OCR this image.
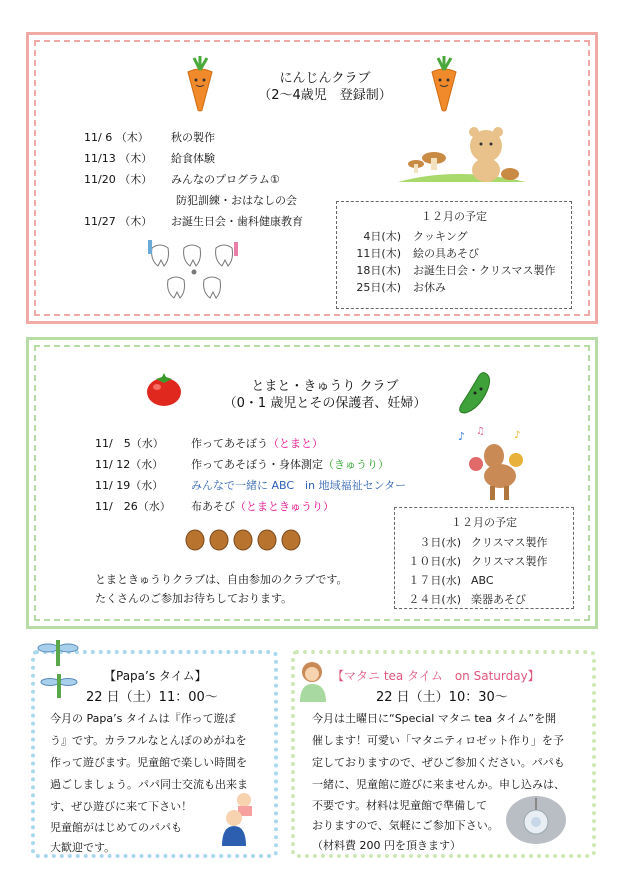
にんじんクラブ
（2～4歳児　登録制）
11/ 6 （木） 秋の製作
11/13 （木） 給食体験
11/20 （木） みんなのプログラム①
防犯訓練・おはなしの会
11/27 （木） お誕生日会・歯科健康教育	１２月の予定
4日(木) クッキング
11日(木) 絵の具あそび
18日(木) お誕生日会・クリスマス製作
25日(木) お休み
とまと・きゅうり クラブ
（0・1 歳児とその保護者、妊婦）
11/　5（水） 作ってあそぼう（とまと）
11/ 12（水）	作ってあそぼう・身体測定（きゅうり）
11/ 19（水）	みんなで一緒に ABC　in 地域福祉センター
11/　26（水） 布あそび（とまときゅうり）
♪ ♫	♪
とまときゅうりクラブは、自由参加のクラブです。
たくさんのご参加お待ちしております。
１２月の予定
３日(水) クリスマス製作
１０日(水) クリスマス製作
１７日(水) ABC
２４日(水) 楽器あそび
【Papa’s タイム】
22 日（土）11：00～
今月の Papa’s タイムは『作って遊ぼ
う』です。カラフルなとんぼのめがねを
作って遊びます。児童館で楽しい時間を
過ごしましょう。パパ同士交流も出来ま
す、ぜひ遊びに来て下さい！
児童館がはじめてのパパも
大歓迎です。
【マタニ tea タイム　on Saturday】
22 日（土）10：30～
今月は土曜日に“Special マタニ tea タイム”を開
催します！可愛い「マタニティロゼット作り」を予
定しておりますので、ぜひご参加ください。パパも
一緒に、児童館に遊びに来ませんか。申し込みは、
不要です。材料は児童館で準備して
おりますので、気軽にご参加下さい。
（材料費 200 円を頂きます）
